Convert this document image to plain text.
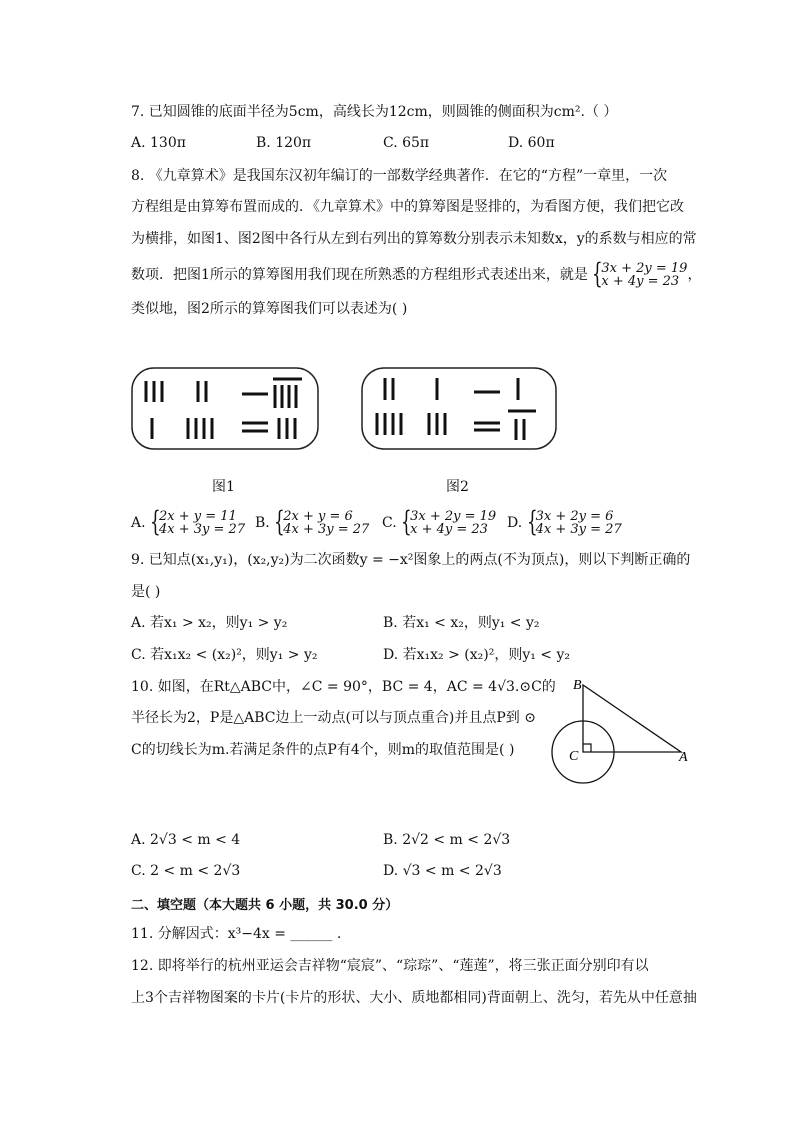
7. 已知圆锥的底面半径为5cm，高线长为12cm，则圆锥的侧面积为cm².（ ）
A. 130π	B. 120π	C. 65π	D. 60π
8. 《九章算术》是我国东汉初年编订的一部数学经典著作．在它的“方程”一章里，一次
方程组是由算筹布置而成的．《九章算术》中的算筹图是竖排的，为看图方便，我们把它改
为横排，如图1、图2图中各行从左到右列出的算筹数分别表示未知数x，y的系数与相应的常
数项．把图1所示的算筹图用我们现在所熟悉的方程组形式表述出来，就是 { 3x + 2y = 19
x + 4y = 23 ，
类似地，图2所示的算筹图我们可以表述为( )
图1	图2
A. { 2x + y = 11
4x + 3y = 27 B. { 2x + y = 6
4x + 3y = 27 C. { 3x + 2y = 19
x + 4y = 23	D. { 3x + 2y = 6
4x + 3y = 27
9. 已知点(x₁,y₁)，(x₂,y₂)为二次函数y = −x²图象上的两点(不为顶点)，则以下判断正确的
是( )
A. 若x₁ > x₂，则y₁ > y₂	B. 若x₁ < x₂，则y₁ < y₂
C. 若x₁x₂ < (x₂)²，则y₁ > y₂	D. 若x₁x₂ > (x₂)²，则y₁ < y₂
10. 如图，在Rt△ABC中，∠C = 90°，BC = 4，AC = 4√3.⊙C的
半径长为2，P是△ABC边上一动点(可以与顶点重合)并且点P到 ⊙
C的切线长为m.若满足条件的点P有4个，则m的取值范围是( )
B
C	A
A. 2√3 < m < 4	B. 2√2 < m < 2√3
C. 2 < m < 2√3	D. √3 < m < 2√3
二、填空题（本大题共 6 小题，共 30.0 分）
11. 分解因式：x³−4x = ______ .
12. 即将举行的杭州亚运会吉祥物“宸宸”、“琮琮”、“莲莲”，将三张正面分别印有以
上3个吉祥物图案的卡片(卡片的形状、大小、质地都相同)背面朝上、洗匀，若先从中任意抽
